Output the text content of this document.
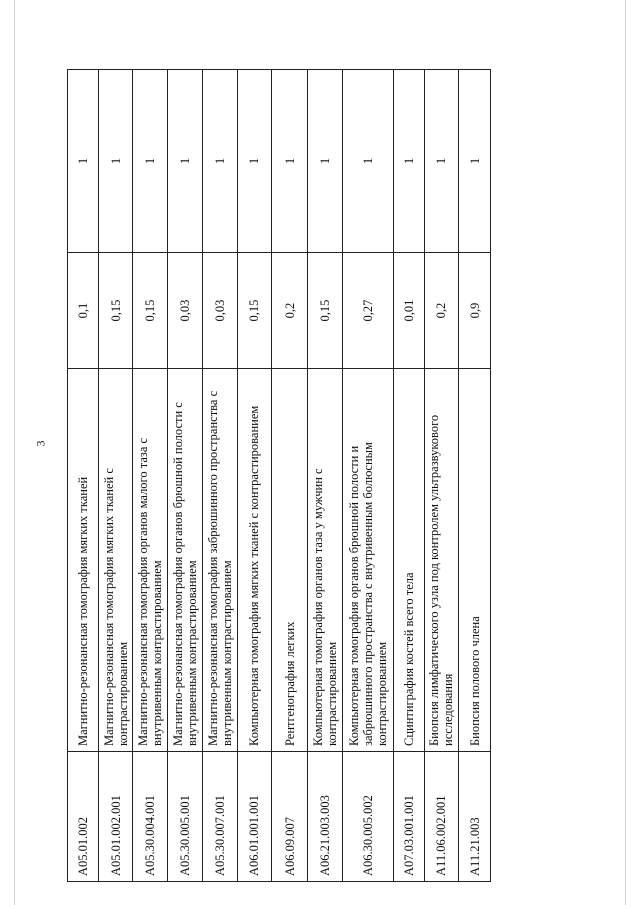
3
A05.01.002	Магнитно-резонансная томография мягких тканей	0,1	1
A05.01.002.001	Магнитно-резонансная томография мягких тканей с контрастированием	0,15	1
A05.30.004.001	Магнитно-резонансная томография органов малого таза с внутривенным контрастированием	0,15	1
A05.30.005.001	Магнитно-резонансная томография органов брюшной полости с внутривенным контрастированием	0,03	1
A05.30.007.001	Магнитно-резонансная томография забрюшинного пространства с внутривенным контрастированием	0,03	1
A06.01.001.001	Компьютерная томография мягких тканей с контрастированием	0,15	1
A06.09.007	Рентгенография легких	0,2	1
A06.21.003.003	Компьютерная томография органов таза у мужчин с контрастированием	0,15	1
A06.30.005.002	Компьютерная томография органов брюшной полости и забрюшинного пространства с внутривенным болюсным контрастированием	0,27	1
A07.03.001.001	Сцинтиграфия костей всего тела	0,01	1
A11.06.002.001	Биопсия лимфатического узла под контролем ультразвукового исследования	0,2	1
A11.21.003	Биопсия полового члена	0,9	1
